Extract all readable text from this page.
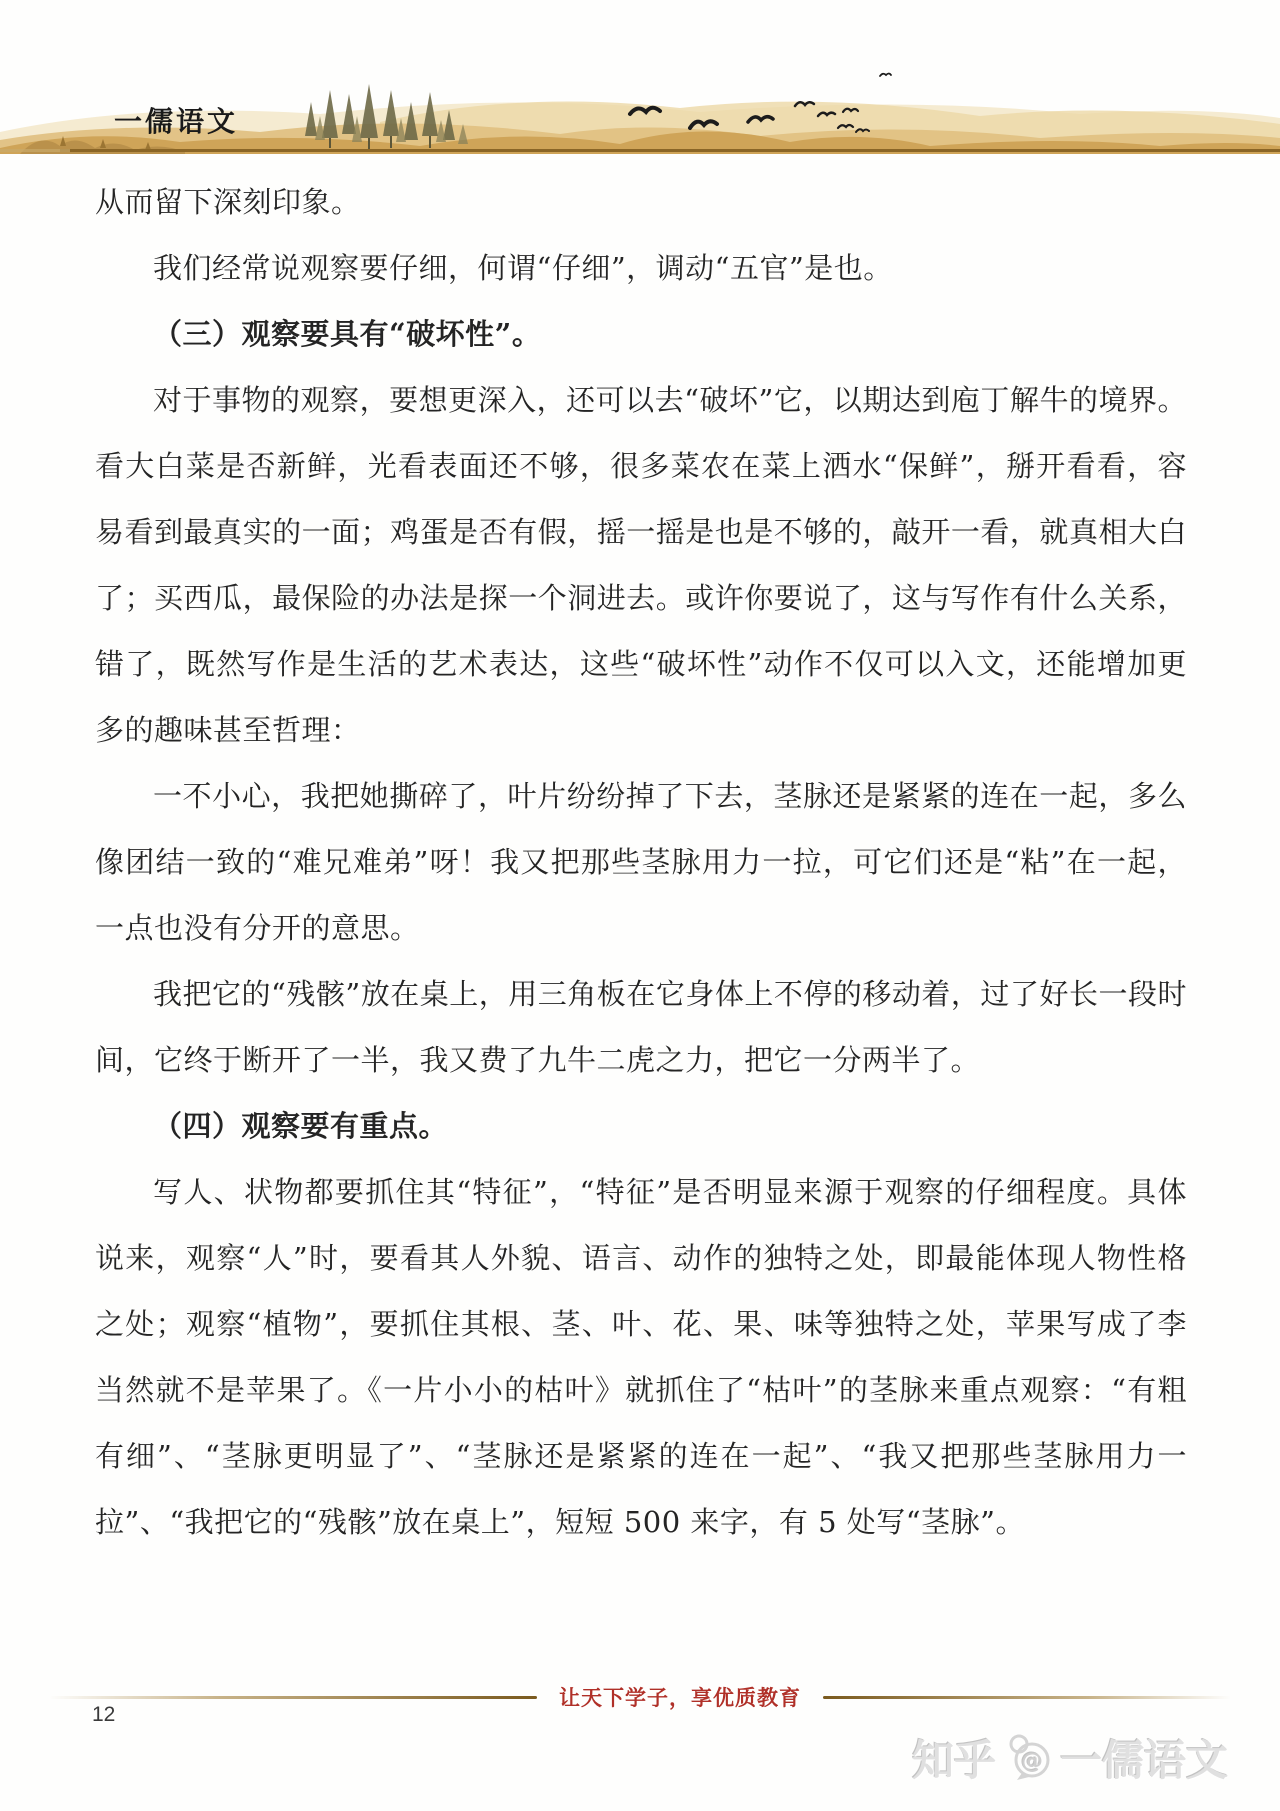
一儒语文

从而留下深刻印象。

我们经常说观察要仔细，何谓“仔细”，调动“五官”是也。

（三）观察要具有“破坏性”。

对于事物的观察，要想更深入，还可以去“破坏”它，以期达到庖丁解牛的境界。看大白菜是否新鲜，光看表面还不够，很多菜农在菜上洒水“保鲜”，掰开看看，容易看到最真实的一面；鸡蛋是否有假，摇一摇是也是不够的，敲开一看，就真相大白了；买西瓜，最保险的办法是探一个洞进去。或许你要说了，这与写作有什么关系，错了，既然写作是生活的艺术表达，这些“破坏性”动作不仅可以入文，还能增加更多的趣味甚至哲理：

一不小心，我把她撕碎了，叶片纷纷掉了下去，茎脉还是紧紧的连在一起，多么像团结一致的“难兄难弟”呀！我又把那些茎脉用力一拉，可它们还是“粘”在一起，一点也没有分开的意思。

我把它的“残骸”放在桌上，用三角板在它身体上不停的移动着，过了好长一段时间，它终于断开了一半，我又费了九牛二虎之力，把它一分两半了。

（四）观察要有重点。

写人、状物都要抓住其“特征”，“特征”是否明显来源于观察的仔细程度。具体说来，观察“人”时，要看其人外貌、语言、动作的独特之处，即最能体现人物性格之处；观察“植物”，要抓住其根、茎、叶、花、果、味等独特之处，苹果写成了李当然就不是苹果了。《一片小小的枯叶》就抓住了“枯叶”的茎脉来重点观察：“有粗有细”、“茎脉更明显了”、“茎脉还是紧紧的连在一起”、“我又把那些茎脉用力一拉”、“我把它的“残骸”放在桌上”，短短 500 来字，有 5 处写“茎脉”。

让天下学子，享优质教育
12
知乎 @ 一儒语文
